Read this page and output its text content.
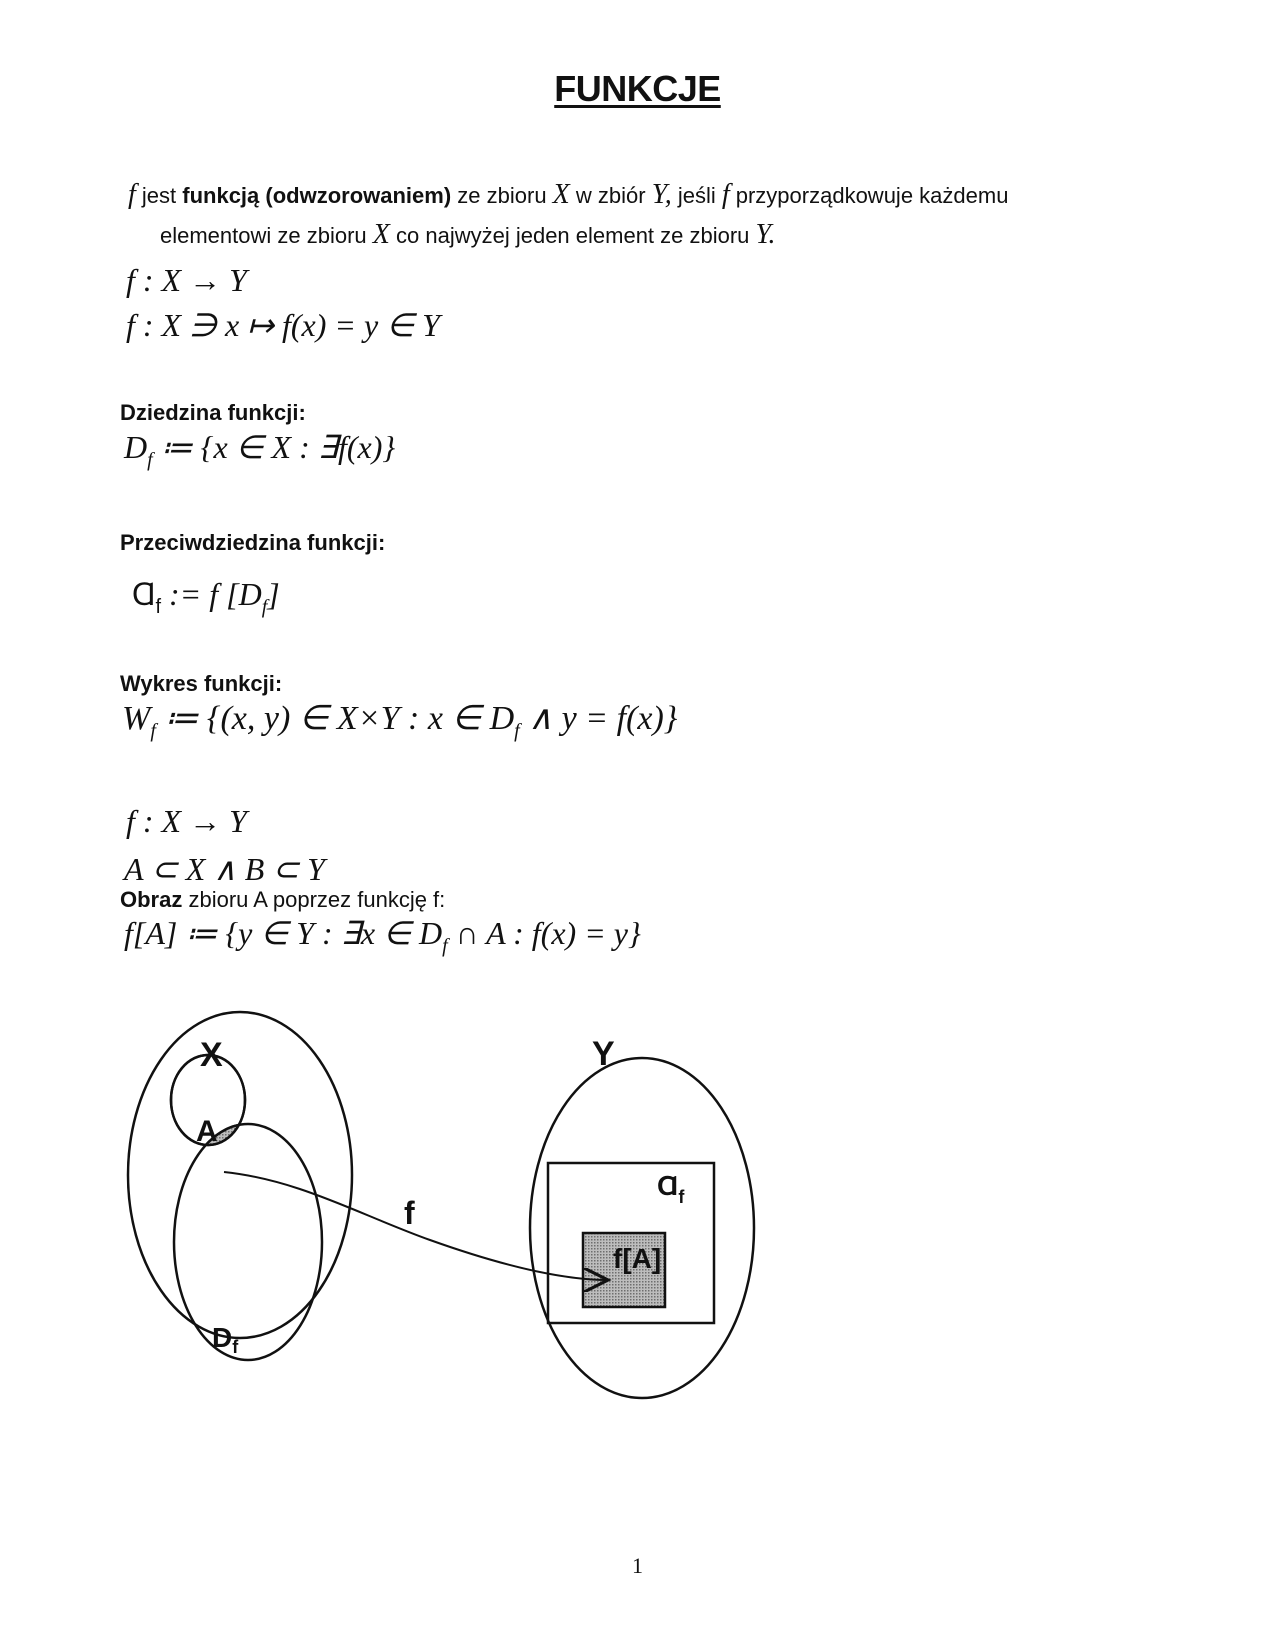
FUNKCJE
f jest funkcją (odwzorowaniem) ze zbioru X w zbiór Y, jeśli f przyporządkowuje każdemu
elementowi ze zbioru X co najwyżej jeden element ze zbioru Y.
f : X → Y
f : X ∋ x ↦ f(x) = y ∈ Y
Dziedzina funkcji:
$D_f$ ≔ {x ∈ X : ∃f(x)}
Przeciwdziedzina funkcji:
Ɑ$_f$ := f $[D_f]$
Wykres funkcji:
$W_f$ ≔ {(x, y) ∈ X×Y : x ∈ $D_f$ ∧ y = f(x)}
f : X → Y
A ⊂ X ∧ B ⊂ Y
Obraz zbioru A poprzez funkcję f:
f[A] ≔ {y ∈ Y : ∃x ∈ $D_f$ ∩ A : f(x) = y}
X	Y
A
$D_f$
f
Ɑ$_f$
f[A]
1
